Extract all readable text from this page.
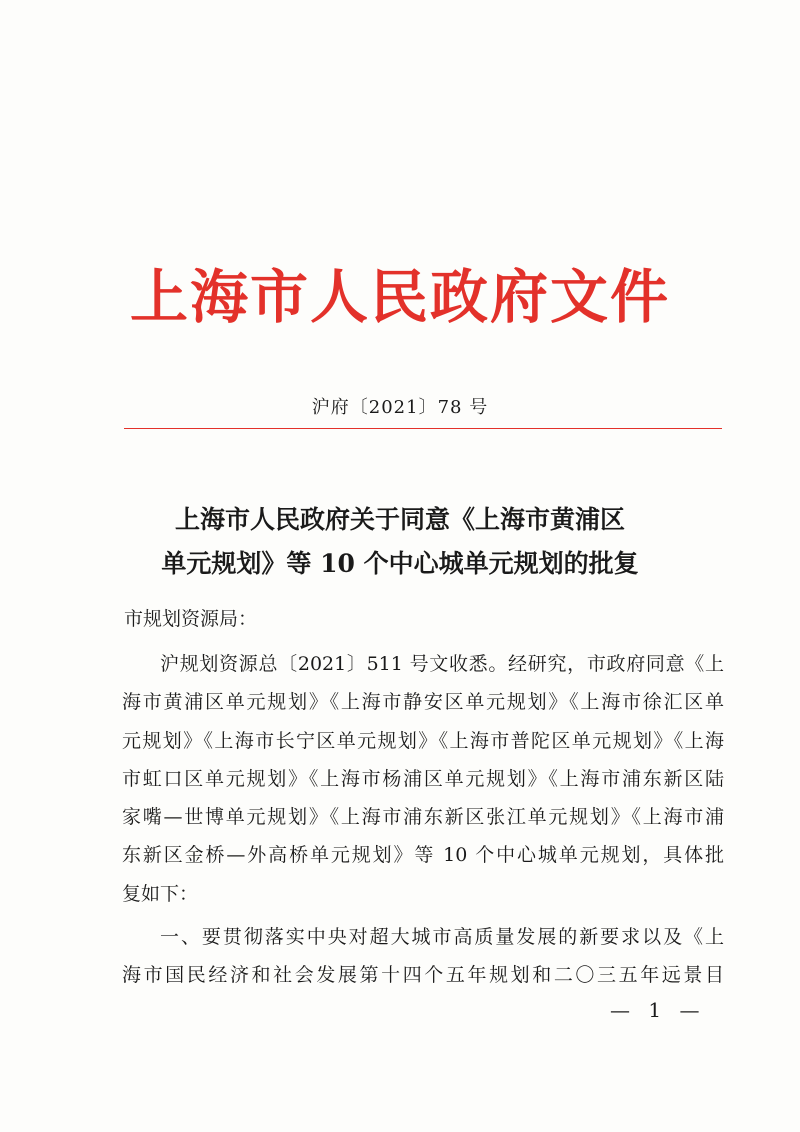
上海市人民政府文件
沪府〔2021〕78 号
上海市人民政府关于同意《上海市黄浦区
单元规划》等 10 个中心城单元规划的批复
市规划资源局：
沪规划资源总〔2021〕511 号文收悉。经研究，市政府同意《上
海市黄浦区单元规划》《上海市静安区单元规划》《上海市徐汇区单
元规划》《上海市长宁区单元规划》《上海市普陀区单元规划》《上海
市虹口区单元规划》《上海市杨浦区单元规划》《上海市浦东新区陆
家嘴—世博单元规划》《上海市浦东新区张江单元规划》《上海市浦
东新区金桥—外高桥单元规划》等 10 个中心城单元规划，具体批
复如下：
一、要贯彻落实中央对超大城市高质量发展的新要求以及《上
海市国民经济和社会发展第十四个五年规划和二〇三五年远景目
— 1 —
